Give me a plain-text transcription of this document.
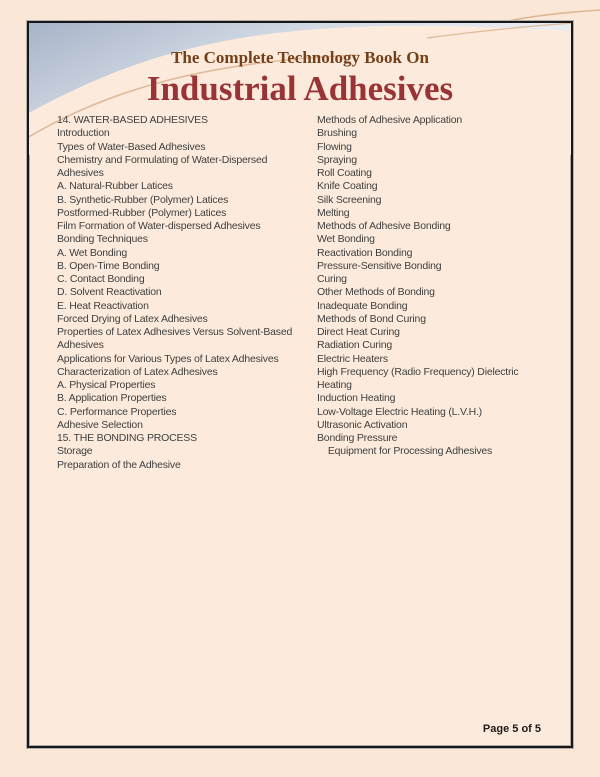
The Complete Technology Book On
Industrial Adhesives
14. WATER-BASED ADHESIVES
Introduction
Types of Water-Based Adhesives
Chemistry and Formulating of Water-Dispersed
Adhesives
A. Natural-Rubber Latices
B. Synthetic-Rubber (Polymer) Latices
Postformed-Rubber (Polymer) Latices
Film Formation of Water-dispersed Adhesives
Bonding Techniques
A. Wet Bonding
B. Open-Time Bonding
C. Contact Bonding
D. Solvent Reactivation
E. Heat Reactivation
Forced Drying of Latex Adhesives
Properties of Latex Adhesives Versus Solvent-Based
Adhesives
Applications for Various Types of Latex Adhesives
Characterization of Latex Adhesives
A. Physical Properties
B. Application Properties
C. Performance Properties
Adhesive Selection
15. THE BONDING PROCESS
Storage
Preparation of the Adhesive
Methods of Adhesive Application
Brushing
Flowing
Spraying
Roll Coating
Knife Coating
Silk Screening
Melting
Methods of Adhesive Bonding
Wet Bonding
Reactivation Bonding
Pressure-Sensitive Bonding
Curing
Other Methods of Bonding
Inadequate Bonding
Methods of Bond Curing
Direct Heat Curing
Radiation Curing
Electric Heaters
High Frequency (Radio Frequency) Dielectric
Heating
Induction Heating
Low-Voltage Electric Heating (L.V.H.)
Ultrasonic Activation
Bonding Pressure
Equipment for Processing Adhesives
Page 5 of 5
